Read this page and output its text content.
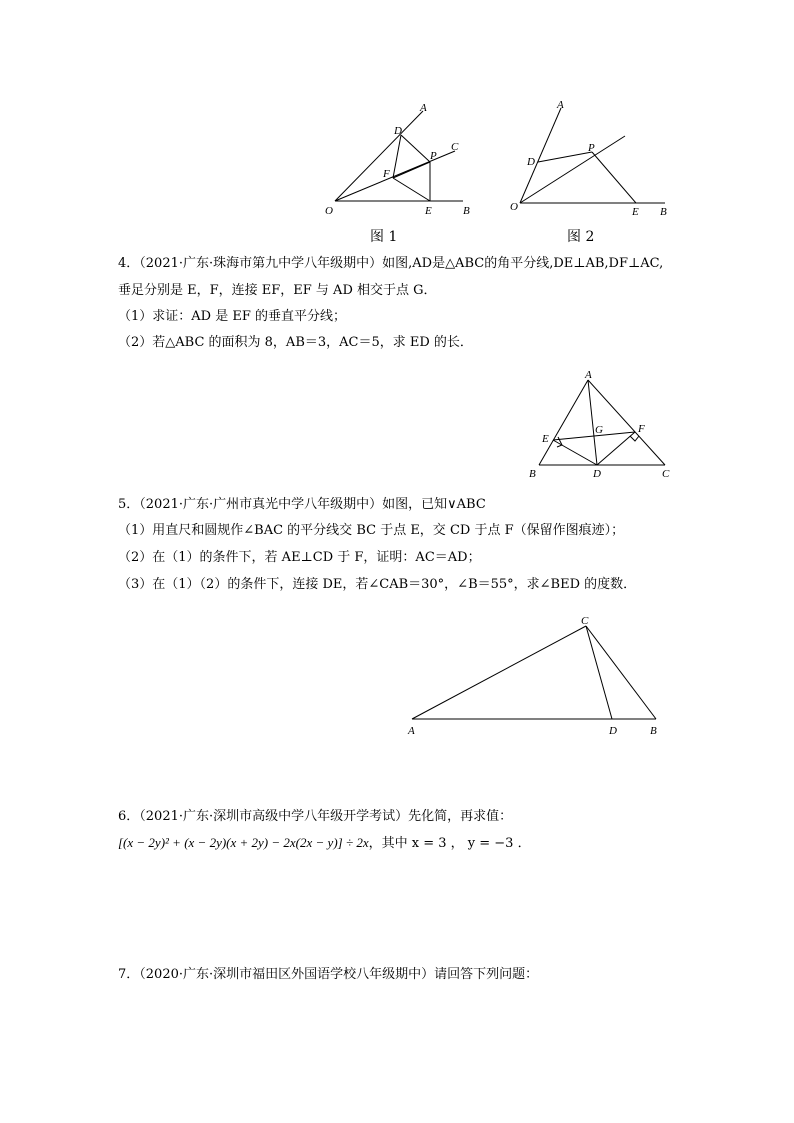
A
D
C
P
F
O	E	B
图 1
A
D
P
O	E B
图 2
4．（2021·广东·珠海市第九中学八年级期中）如图,AD是△ABC的角平分线,DE⊥AB,DF⊥AC,
垂足分别是 E，F，连接 EF，EF 与 AD 相交于点 G．
（1）求证：AD 是 EF 的垂直平分线；
（2）若△ABC 的面积为 8，AB＝3，AC＝5，求 ED 的长．
A
E
G	F
B	D	C
5．（2021·广东·广州市真光中学八年级期中）如图，已知∨ABC
（1）用直尺和圆规作∠BAC 的平分线交 BC 于点 E，交 CD 于点 F（保留作图痕迹）；
（2）在（1）的条件下，若 AE⊥CD 于 F，证明：AC＝AD；
（3）在（1）（2）的条件下，连接 DE，若∠CAB＝30°，∠B＝55°，求∠BED 的度数．
C
A	D	B
6．（2021·广东·深圳市高级中学八年级开学考试）先化简，再求值：
[(x − 2y)² + (x − 2y)(x + 2y) − 2x(2x − y)] ÷ 2x，其中 x = 3 ， y = −3 ．
7．（2020·广东·深圳市福田区外国语学校八年级期中）请回答下列问题：
